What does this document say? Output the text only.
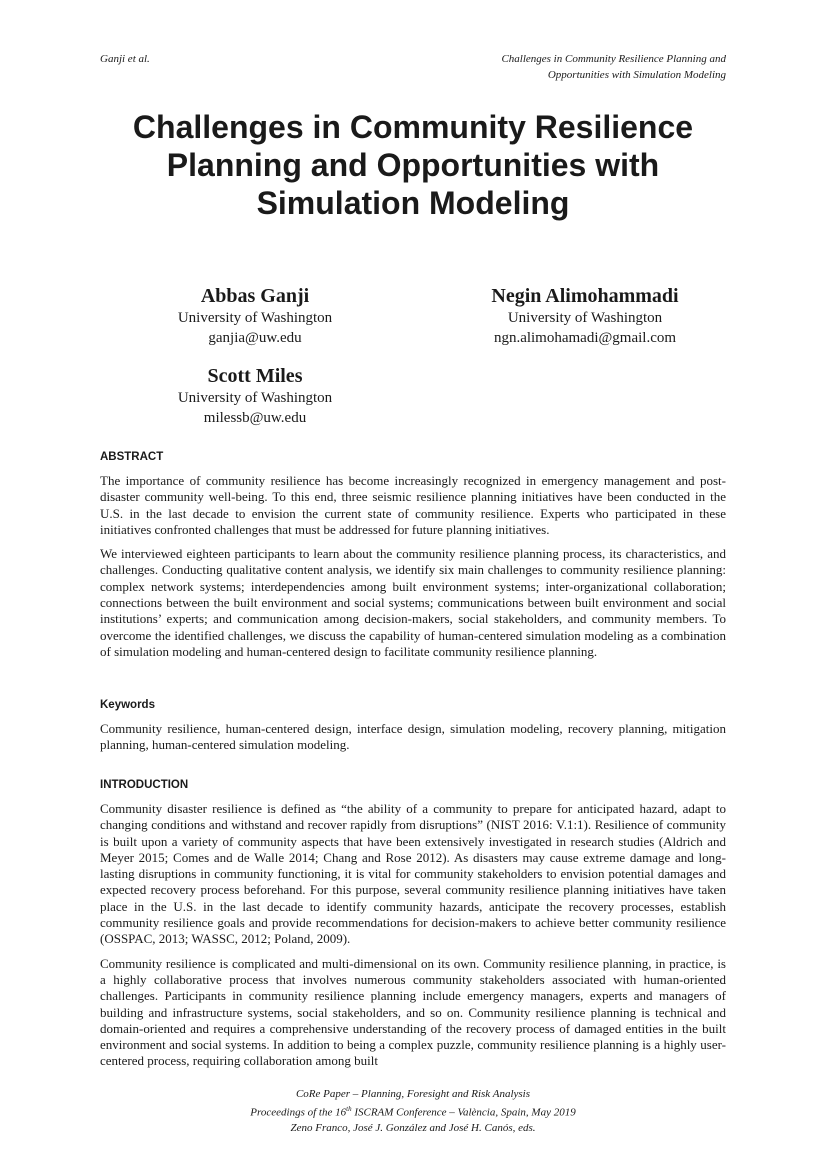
Ganji et al.	Challenges in Community Resilience Planning and
Opportunities with Simulation Modeling
Challenges in Community Resilience
Planning and Opportunities with
Simulation Modeling
Abbas Ganji
University of Washington
ganjia@uw.edu
Negin Alimohammadi
University of Washington
ngn.alimohamadi@gmail.com
Scott Miles
University of Washington
milessb@uw.edu
ABSTRACT

The importance of community resilience has become increasingly recognized in emergency management and post-disaster community well-being. To this end, three seismic resilience planning initiatives have been conducted in the U.S. in the last decade to envision the current state of community resilience. Experts who participated in these initiatives confronted challenges that must be addressed for future planning initiatives.

We interviewed eighteen participants to learn about the community resilience planning process, its characteristics, and challenges. Conducting qualitative content analysis, we identify six main challenges to community resilience planning: complex network systems; interdependencies among built environment systems; inter-organizational collaboration; connections between the built environment and social systems; communications between built environment and social institutions’ experts; and communication among decision-makers, social stakeholders, and community members. To overcome the identified challenges, we discuss the capability of human-centered simulation modeling as a combination of simulation modeling and human-centered design to facilitate community resilience planning.

Keywords

Community resilience, human-centered design, interface design, simulation modeling, recovery planning, mitigation planning, human-centered simulation modeling.

INTRODUCTION

Community disaster resilience is defined as “the ability of a community to prepare for anticipated hazard, adapt to changing conditions and withstand and recover rapidly from disruptions” (NIST 2016: V.1:1). Resilience of community is built upon a variety of community aspects that have been extensively investigated in research studies (Aldrich and Meyer 2015; Comes and de Walle 2014; Chang and Rose 2012). As disasters may cause extreme damage and long-lasting disruptions in community functioning, it is vital for community stakeholders to envision potential damages and expected recovery process beforehand. For this purpose, several community resilience planning initiatives have taken place in the U.S. in the last decade to identify community hazards, anticipate the recovery processes, establish community resilience goals and provide recommendations for decision-makers to achieve better community resilience (OSSPAC, 2013; WASSC, 2012; Poland, 2009).

Community resilience is complicated and multi-dimensional on its own. Community resilience planning, in practice, is a highly collaborative process that involves numerous community stakeholders associated with human-oriented challenges. Participants in community resilience planning include emergency managers, experts and managers of building and infrastructure systems, social stakeholders, and so on. Community resilience planning is technical and domain-oriented and requires a comprehensive understanding of the recovery process of damaged entities in the built environment and social systems. In addition to being a complex puzzle, community resilience planning is a highly user-centered process, requiring collaboration among built

CoRe Paper – Planning, Foresight and Risk Analysis
Proceedings of the 16th ISCRAM Conference – València, Spain, May 2019
Zeno Franco, José J. González and José H. Canós, eds.
